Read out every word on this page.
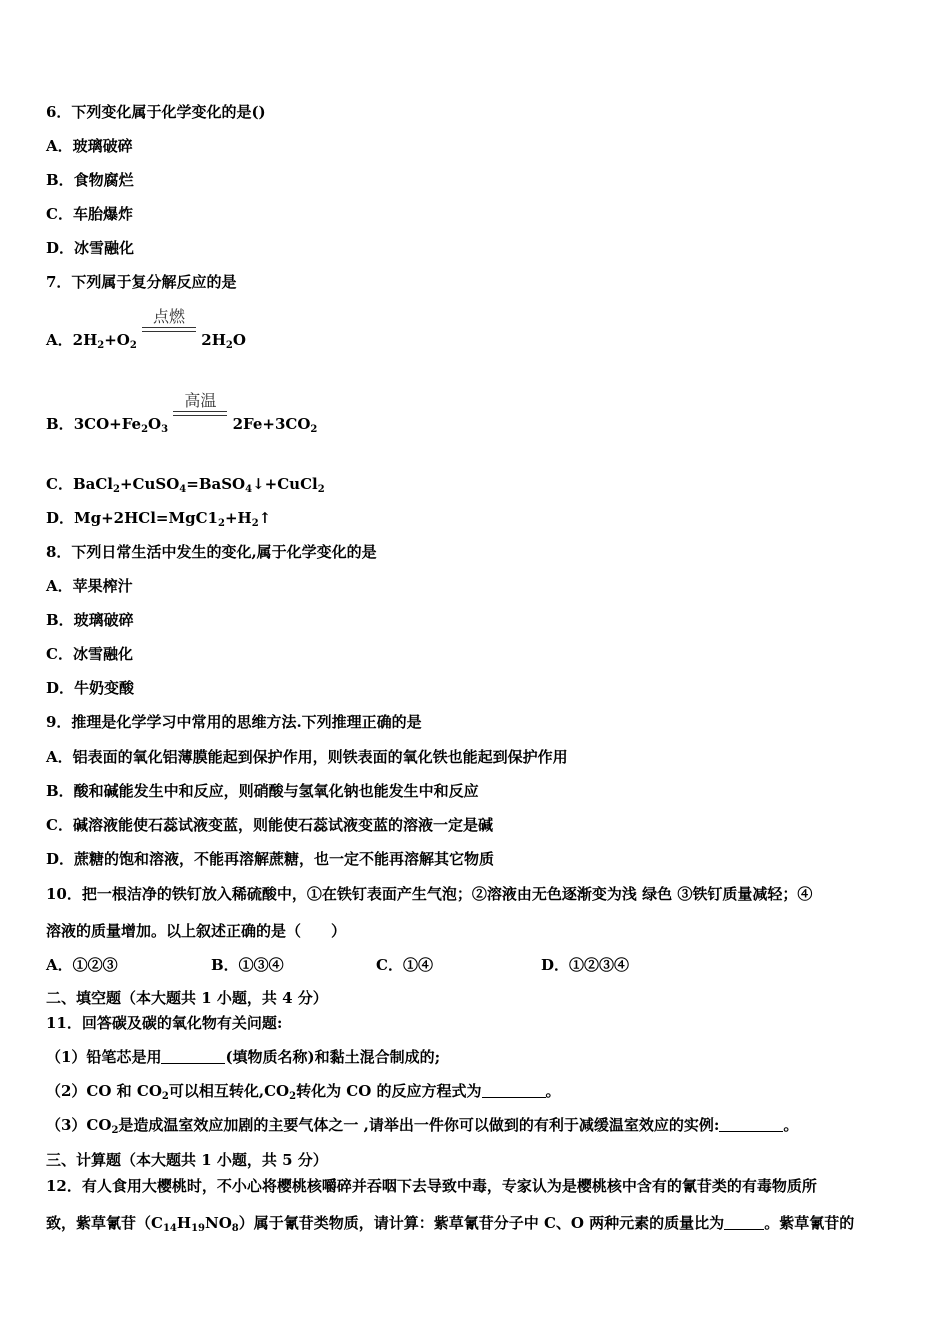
6．下列变化属于化学变化的是()
A．玻璃破碎
B．食物腐烂
C．车胎爆炸
D．冰雪融化
7．下列属于复分解反应的是
A．$2H_2+O_2$
点燃
$2H_2O$
B．$3CO+Fe_2O_3$
高温
$2Fe+3CO_2$
C．BaCl$_2$+CuSO$_4$=BaSO$_4$↓+CuCl$_2$
D．$Mg+2HCl=MgC1_2+H_2↑$
8．下列日常生活中发生的变化,属于化学变化的是
A．苹果榨汁
B．玻璃破碎
C．冰雪融化
D．牛奶变酸
9．推理是化学学习中常用的思维方法.下列推理正确的是
A．铝表面的氧化铝薄膜能起到保护作用，则铁表面的氧化铁也能起到保护作用
B．酸和碱能发生中和反应，则硝酸与氢氧化钠也能发生中和反应
C．碱溶液能使石蕊试液变蓝，则能使石蕊试液变蓝的溶液一定是碱
D．蔗糖的饱和溶液，不能再溶解蔗糖，也一定不能再溶解其它物质
10．把一根洁净的铁钉放入稀硫酸中，①在铁钉表面产生气泡；②溶液由无色逐渐变为浅 绿色 ③铁钉质量减轻；④
溶液的质量增加。以上叙述正确的是（　　）
A．①②③	B．①③④	C．①④	D．①②③④
二、填空题（本大题共 1 小题，共 4 分）
11．回答碳及碳的氧化物有关问题:
（1）铅笔芯是用	(填物质名称)和黏土混合制成的;
（2）CO 和 $CO_2$可以相互转化$,CO_2$转化为 CO 的反应方程式为	。
$(3)CO_2$是造成温室效应加剧的主要气体之一 ,请举出一件你可以做到的有利于减缓温室效应的实例:	。
三、计算题（本大题共 1 小题，共 5 分）
12．有人食用大樱桃时，不小心将樱桃核嚼碎并吞咽下去导致中毒，专家认为是樱桃核中含有的氰苷类的有毒物质所
致，紫草氰苷$(C_{14}H_{19}NO_8)$属于氰苷类物质，请计算：紫草氰苷分子中 C、O 两种元素的质量比为	。紫草氰苷的
